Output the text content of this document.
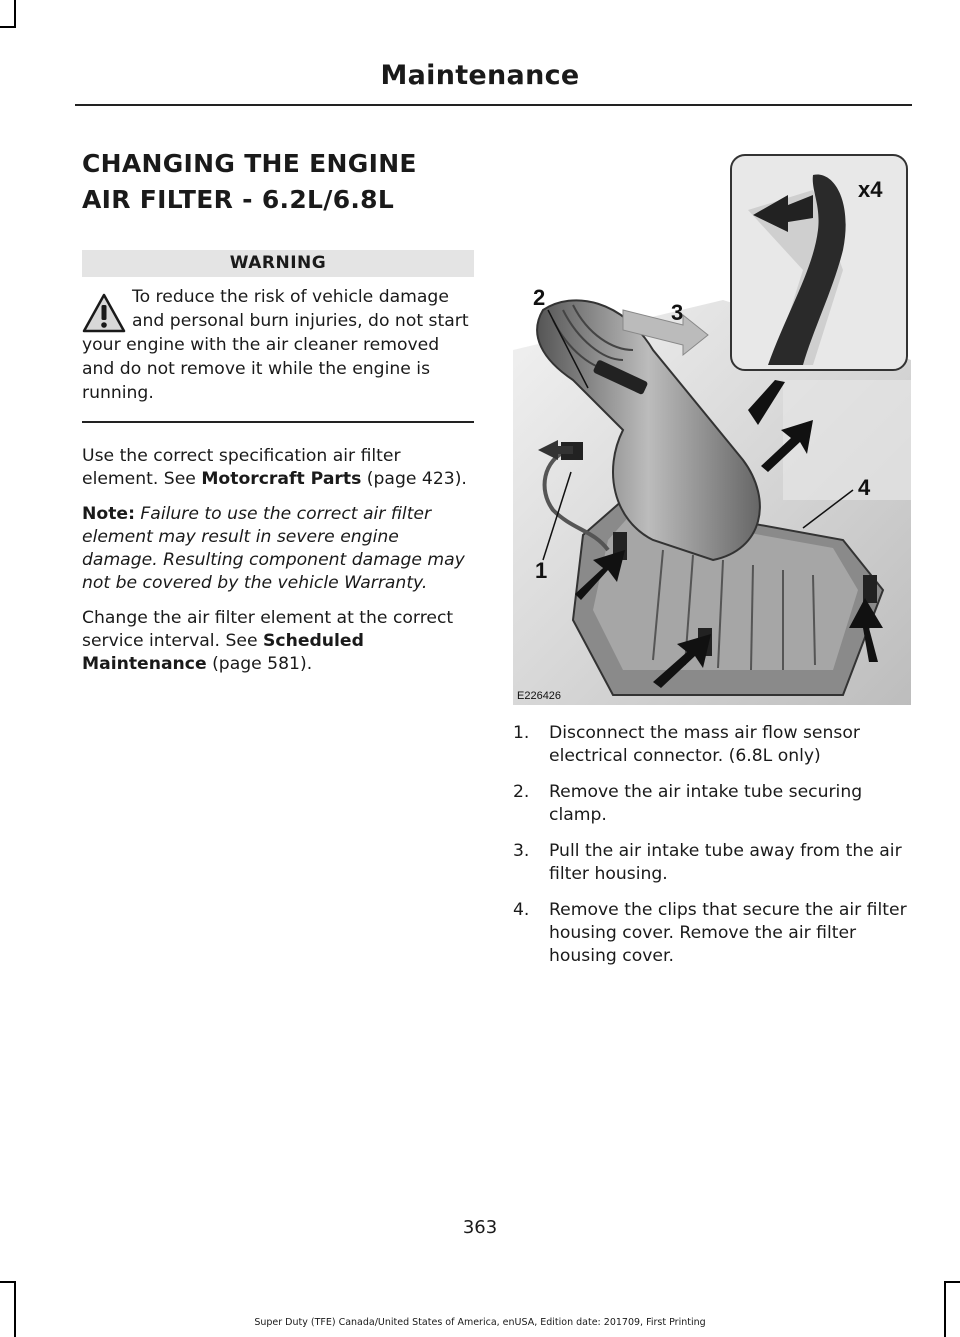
Maintenance
CHANGING THE ENGINE AIR FILTER - 6.2L/6.8L
WARNING
To reduce the risk of vehicle damage and personal burn injuries, do not start your engine with the air cleaner removed and do not remove it while the engine is running.

Use the correct specification air filter element. See Motorcraft Parts (page 423).

Note: Failure to use the correct air filter element may result in severe engine damage. Resulting component damage may not be covered by the vehicle Warranty.

Change the air filter element at the correct service interval. See Scheduled Maintenance (page 581).

x4
2
3
4
1
E226426
1. Disconnect the mass air flow sensor electrical connector. (6.8L only)
2. Remove the air intake tube securing clamp.
3. Pull the air intake tube away from the air filter housing.
4. Remove the clips that secure the air filter housing cover. Remove the air filter housing cover.
363
Super Duty (TFE) Canada/United States of America, enUSA, Edition date: 201709, First Printing
